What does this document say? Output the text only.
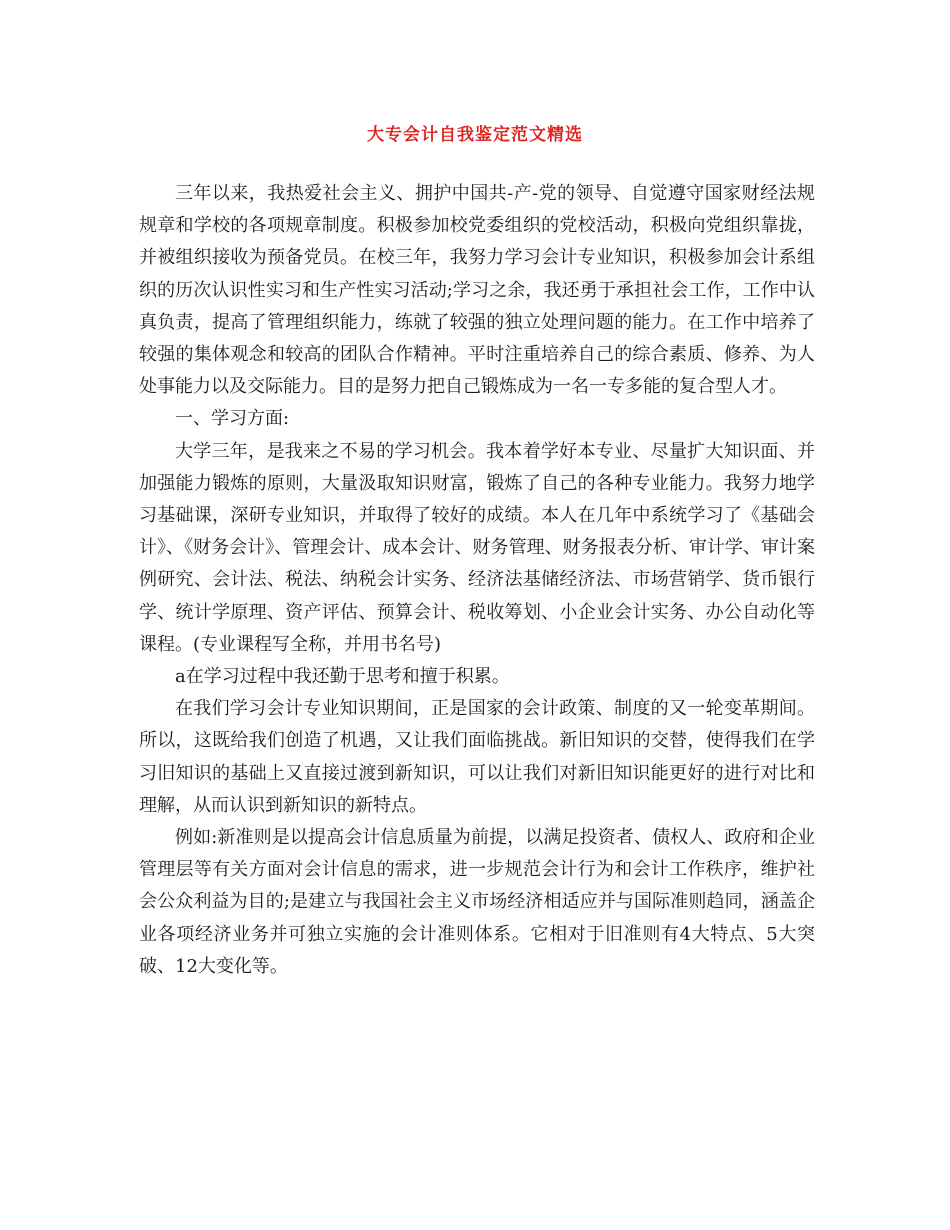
大专会计自我鉴定范文精选

三年以来，我热爱社会主义、拥护中国共-产-党的领导、自觉遵守国家财经法规规章和学校的各项规章制度。积极参加校党委组织的党校活动，积极向党组织靠拢，并被组织接收为预备党员。在校三年，我努力学习会计专业知识，积极参加会计系组织的历次认识性实习和生产性实习活动;学习之余，我还勇于承担社会工作，工作中认真负责，提高了管理组织能力，练就了较强的独立处理问题的能力。在工作中培养了较强的集体观念和较高的团队合作精神。平时注重培养自己的综合素质、修养、为人处事能力以及交际能力。目的是努力把自己锻炼成为一名一专多能的复合型人才。

一、学习方面:

大学三年，是我来之不易的学习机会。我本着学好本专业、尽量扩大知识面、并加强能力锻炼的原则，大量汲取知识财富，锻炼了自己的各种专业能力。我努力地学习基础课，深研专业知识，并取得了较好的成绩。本人在几年中系统学习了《基础会计》、《财务会计》、管理会计、成本会计、财务管理、财务报表分析、审计学、审计案例研究、会计法、税法、纳税会计实务、经济法基储经济法、市场营销学、货币银行学、统计学原理、资产评估、预算会计、税收筹划、小企业会计实务、办公自动化等课程。(专业课程写全称，并用书名号)

a在学习过程中我还勤于思考和擅于积累。

在我们学习会计专业知识期间，正是国家的会计政策、制度的又一轮变革期间。所以，这既给我们创造了机遇，又让我们面临挑战。新旧知识的交替，使得我们在学习旧知识的基础上又直接过渡到新知识，可以让我们对新旧知识能更好的进行对比和理解，从而认识到新知识的新特点。

例如:新准则是以提高会计信息质量为前提，以满足投资者、债权人、政府和企业管理层等有关方面对会计信息的需求，进一步规范会计行为和会计工作秩序，维护社会公众利益为目的;是建立与我国社会主义市场经济相适应并与国际准则趋同，涵盖企业各项经济业务并可独立实施的会计准则体系。它相对于旧准则有4大特点、5大突破、12大变化等。
